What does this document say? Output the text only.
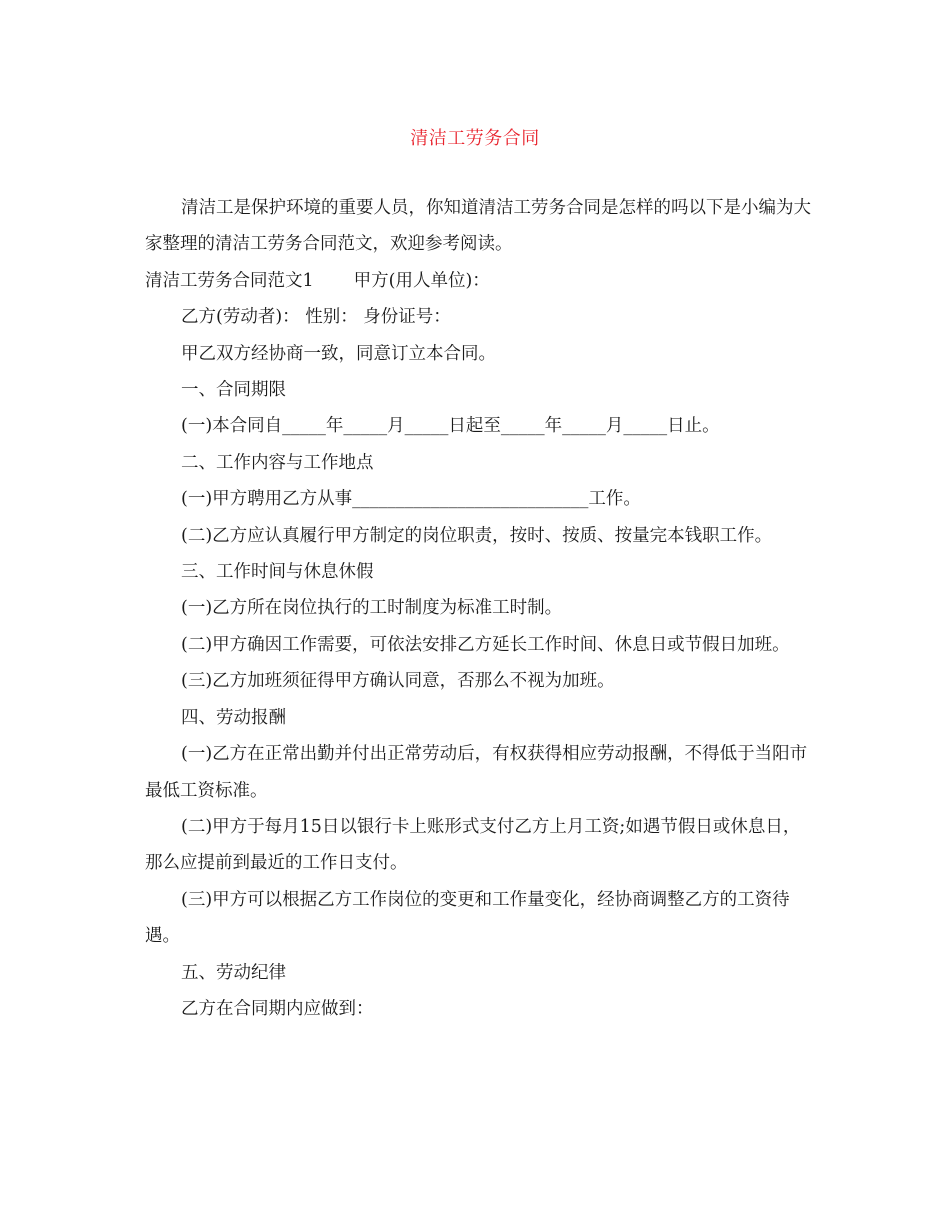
清洁工劳务合同

清洁工是保护环境的重要人员，你知道清洁工劳务合同是怎样的吗以下是小编为大家整理的清洁工劳务合同范文，欢迎参考阅读。

清洁工劳务合同范文1 甲方(用人单位)：

乙方(劳动者)： 性别： 身份证号：

甲乙双方经协商一致，同意订立本合同。

一、合同期限

(一)本合同自_____年_____月_____日起至_____年_____月_____日止。

二、工作内容与工作地点

(一)甲方聘用乙方从事___________________________工作。

(二)乙方应认真履行甲方制定的岗位职责，按时、按质、按量完本钱职工作。

三、工作时间与休息休假

(一)乙方所在岗位执行的工时制度为标准工时制。

(二)甲方确因工作需要，可依法安排乙方延长工作时间、休息日或节假日加班。

(三)乙方加班须征得甲方确认同意，否那么不视为加班。

四、劳动报酬

(一)乙方在正常出勤并付出正常劳动后，有权获得相应劳动报酬，不得低于当阳市最低工资标准。

(二)甲方于每月15日以银行卡上账形式支付乙方上月工资;如遇节假日或休息日，那么应提前到最近的工作日支付。

(三)甲方可以根据乙方工作岗位的变更和工作量变化，经协商调整乙方的工资待遇。

五、劳动纪律

乙方在合同期内应做到：
